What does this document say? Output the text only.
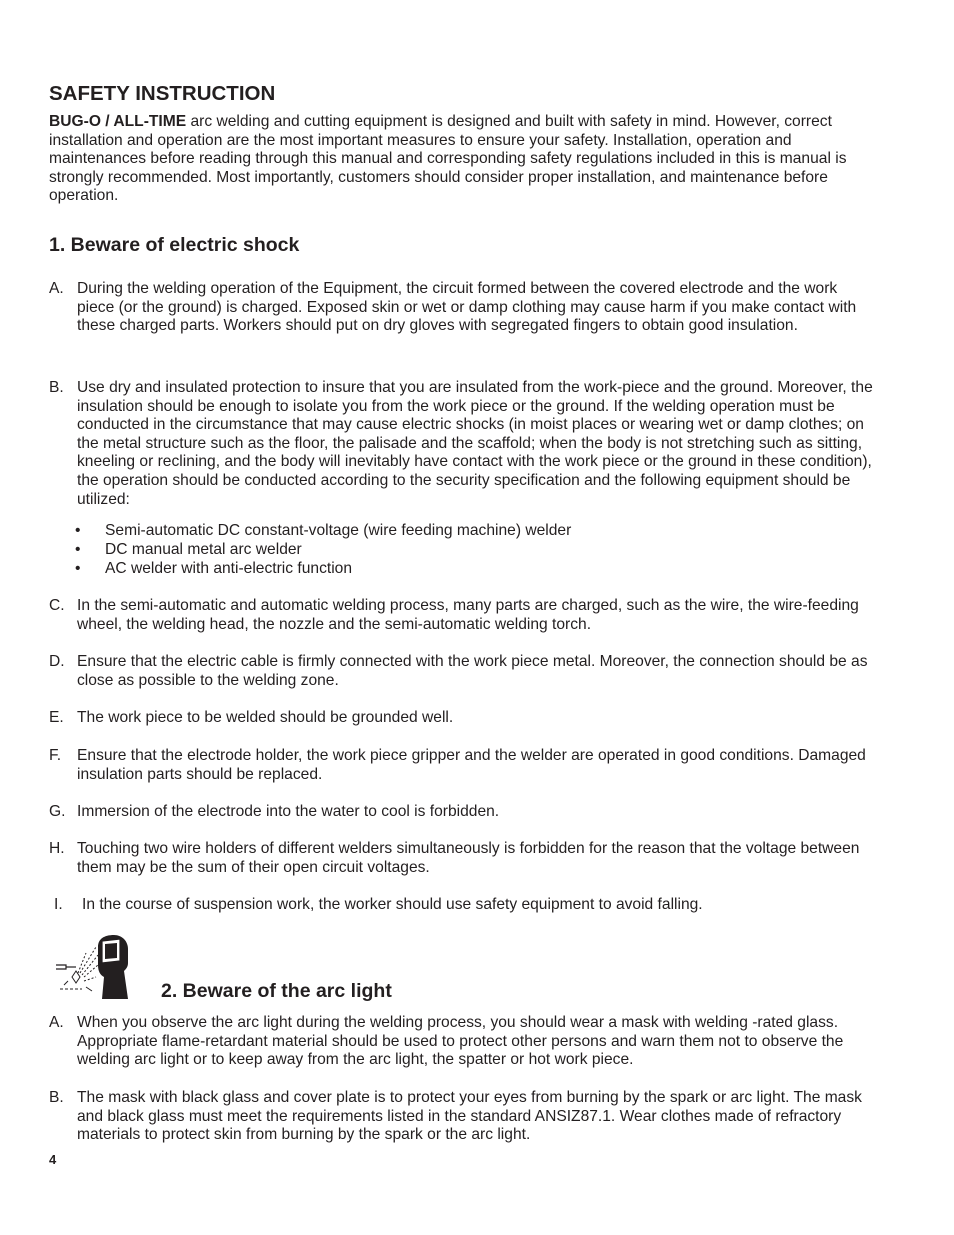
SAFETY INSTRUCTION

BUG-O / ALL-TIME arc welding and cutting equipment is designed and built with safety in mind. However, correct installation and operation are the most important measures to ensure your safety. Installation, operation and maintenances before reading through this manual and corresponding safety regulations included in this is manual is strongly recommended. Most importantly, customers should consider proper installation, and maintenance before operation.

1. Beware of electric shock
A. During the welding operation of the Equipment, the circuit formed between the covered electrode and the work piece (or the ground) is charged. Exposed skin or wet or damp clothing may cause harm if you make contact with these charged parts. Workers should put on dry gloves with segregated fingers to obtain good insulation.
B. Use dry and insulated protection to insure that you are insulated from the work-piece and the ground. Moreover, the insulation should be enough to isolate you from the work piece or the ground. If the welding operation must be conducted in the circumstance that may cause electric shocks (in moist places or wearing wet or damp clothes; on the metal structure such as the floor, the palisade and the scaffold; when the body is not stretching such as sitting, kneeling or reclining, and the body will inevitably have contact with the work piece or the ground in these condition), the operation should be conducted according to the security specification and the following equipment should be utilized:
• Semi-automatic DC constant-voltage (wire feeding machine) welder
• DC manual metal arc welder
• AC welder with anti-electric function
C. In the semi-automatic and automatic welding process, many parts are charged, such as the wire, the wire-feeding wheel, the welding head, the nozzle and the semi-automatic welding torch.
D. Ensure that the electric cable is firmly connected with the work piece metal. Moreover, the connection should be as close as possible to the welding zone.
E. The work piece to be welded should be grounded well.
F. Ensure that the electrode holder, the work piece gripper and the welder are operated in good conditions. Damaged insulation parts should be replaced.
G. Immersion of the electrode into the water to cool is forbidden.
H. Touching two wire holders of different welders simultaneously is forbidden for the reason that the voltage between them may be the sum of their open circuit voltages.
I. In the course of suspension work, the worker should use safety equipment to avoid falling.
2. Beware of the arc light
A. When you observe the arc light during the welding process, you should wear a mask with welding -rated glass. Appropriate flame-retardant material should be used to protect other persons and warn them not to observe the welding arc light or to keep away from the arc light, the spatter or hot work piece.
B. The mask with black glass and cover plate is to protect your eyes from burning by the spark or arc light. The mask and black glass must meet the requirements listed in the standard ANSIZ87.1. Wear clothes made of refractory materials to protect skin from burning by the spark or the arc light.
4
